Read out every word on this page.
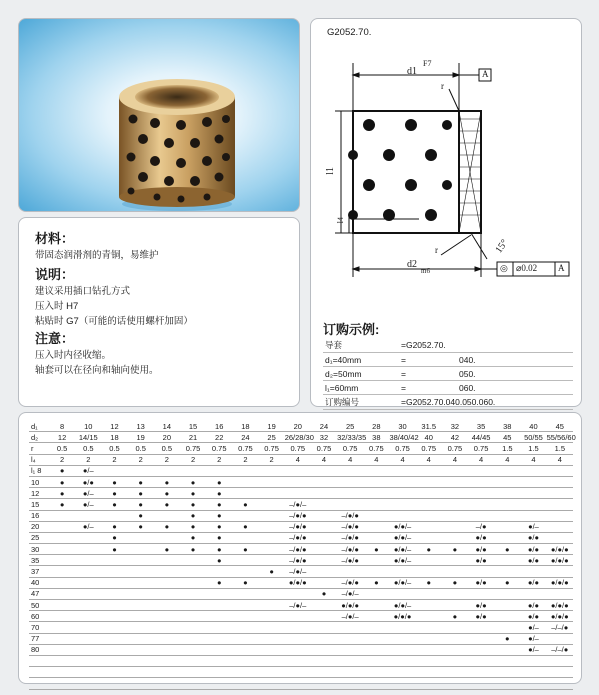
材料：
带固态润滑剂的青铜，易维护
说明：
建议采用插口钻孔方式
压入时 H7
粘贴时 G7（可能的话使用螺杆加固）
注意：
压入时内径收缩。
轴套可以在径向和轴向使用。
G2052.70.
d1
F7
A
r
l1
l4
r	15°
d2
m6	◎ ⌀0.02 A
订购示例:
导套	=G2052.70.	
d₁=40mm	=	040.
d₂=50mm	=	050.
l₁=60mm	=	060.
订购编号	=G2052.70.040.050.060.	
d₁	8	10	12	13	14	15	16	18	19	20	24	25	28	30	31.5	32	35	38	40	45
d₂	12	14/15	18	19	20	21	22	24	25	26/28/30	32	32/33/35	38	38/40/42	40	42	44/45	45	50/55	55/56/60
r	0.5	0.5	0.5	0.5	0.5	0.75	0.75	0.75	0.75	0.75	0.75	0.75	0.75	0.75	0.75	0.75	0.75	1.5	1.5	1.5
l₄	2	2	2	2	2	2	2	2	2	4	4	4	4	4	4	4	4	4	4	4
l₁ 8	●	●/–																		
10	●	●/●	●	●	●	●	●													
12	●	●/–	●	●	●	●	●													
15	●	●/–	●	●	●	●	●	●		–/●/–										
16				●		●	●			–/●/●		–/●/●								
20		●/–	●	●	●	●	●	●		–/●/●		–/●/●		●/●/–			–/●		●/–	
25			●			●	●			–/●/●		–/●/●		●/●/–			●/●		●/●	
30			●		●	●	●	●		–/●/●		–/●/●	●	●/●/–	●	●	●/●	●	●/●	●/●/●
35							●			–/●/●		–/●/●		●/●/–			●/●		●/●	●/●/●
37									●	–/●/–										
40							●	●		●/●/●		–/●/●	●	●/●/–	●	●	●/●	●	●/●	●/●/●
47											●	–/●/–								
50										–/●/–		●/●/●		●/●/–			●/●		●/●	●/●/●
60												–/●/–		●/●/●		●	●/●		●/●	●/●/●
70																			●/–	–/–/●
77																		●	●/–	
80																			●/–	–/–/●
